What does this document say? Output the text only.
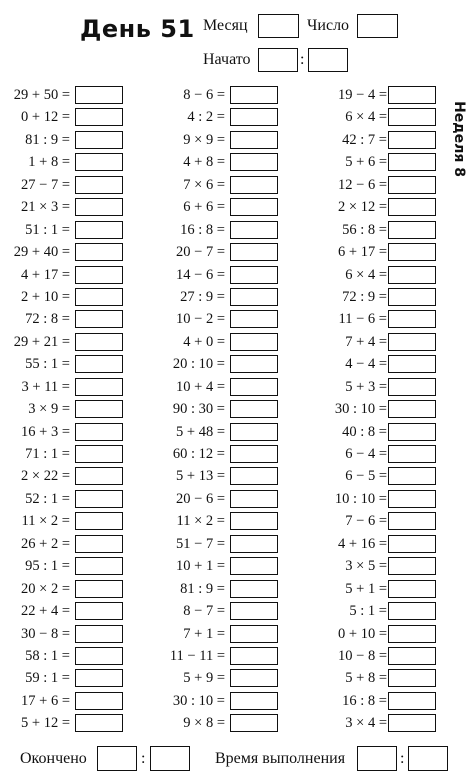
День 51 Месяц	Число
Начато	:
Неделя 8
29 + 50 =
0 + 12 =
81 : 9 =
1 + 8 =
27 − 7 =
21 × 3 =
51 : 1 =
29 + 40 =
4 + 17 =
2 + 10 =
72 : 8 =
29 + 21 =
55 : 1 =
3 + 11 =
3 × 9 =
16 + 3 =
71 : 1 =
2 × 22 =
52 : 1 =
11 × 2 =
26 + 2 =
95 : 1 =
20 × 2 =
22 + 4 =
30 − 8 =
58 : 1 =
59 : 1 =
17 + 6 =
5 + 12 =
8 − 6 =
4 : 2 =
9 × 9 =
4 + 8 =
7 × 6 =
6 + 6 =
16 : 8 =
20 − 7 =
14 − 6 =
27 : 9 =
10 − 2 =
4 + 0 =
20 : 10 =
10 + 4 =
90 : 30 =
5 + 48 =
60 : 12 =
5 + 13 =
20 − 6 =
11 × 2 =
51 − 7 =
10 + 1 =
81 : 9 =
8 − 7 =
7 + 1 =
11 − 11 =
5 + 9 =
30 : 10 =
9 × 8 =
19 − 4 =
6 × 4 =
42 : 7 =
5 + 6 =
12 − 6 =
2 × 12 =
56 : 8 =
6 + 17 =
6 × 4 =
72 : 9 =
11 − 6 =
7 + 4 =
4 − 4 =
5 + 3 =
30 : 10 =
40 : 8 =
6 − 4 =
6 − 5 =
10 : 10 =
7 − 6 =
4 + 16 =
3 × 5 =
5 + 1 =
5 : 1 =
0 + 10 =
10 − 8 =
5 + 8 =
16 : 8 =
3 × 4 =
Окончено	:	Время выполнения	:
